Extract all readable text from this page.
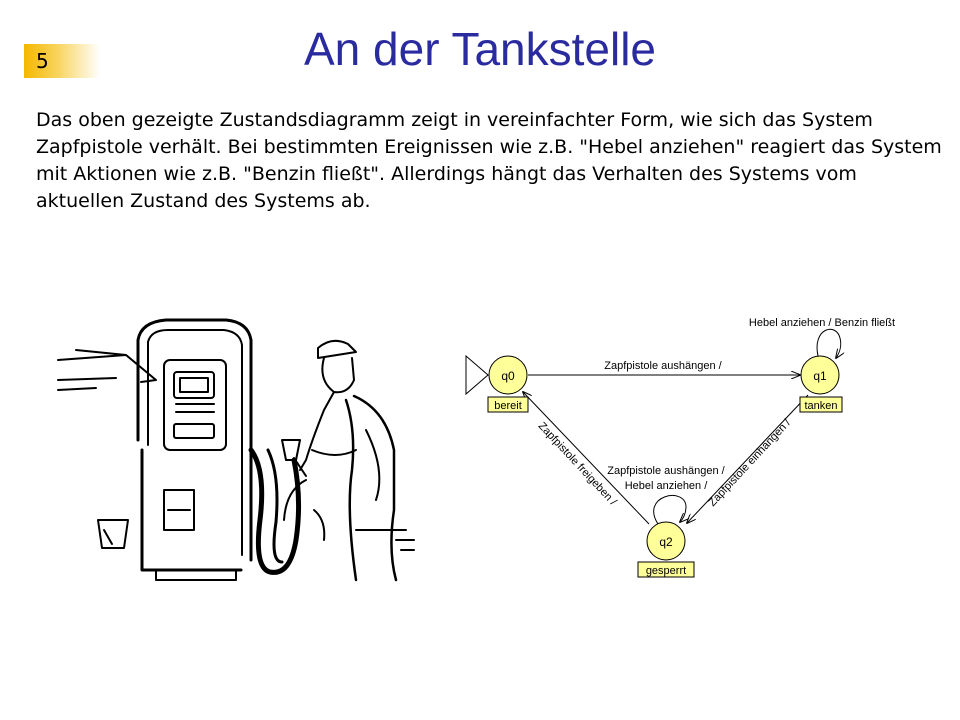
5	An der Tankstelle
Das oben gezeigte Zustandsdiagramm zeigt in vereinfachter Form, wie sich das System
Zapfpistole verhält. Bei bestimmten Ereignissen wie z.B. "Hebel anziehen" reagiert das System
mit Aktionen wie z.B. "Benzin fließt". Allerdings hängt das Verhalten des Systems vom
aktuellen Zustand des Systems ab.
q0
bereit
q1
tanken
q2
gesperrt
Zapfpistole aushängen /
Hebel anziehen / Benzin fließt
Zapfpistole aushängen /
Hebel anziehen / Zapfpistole einhängen /
Zapfpistole freigeben /
